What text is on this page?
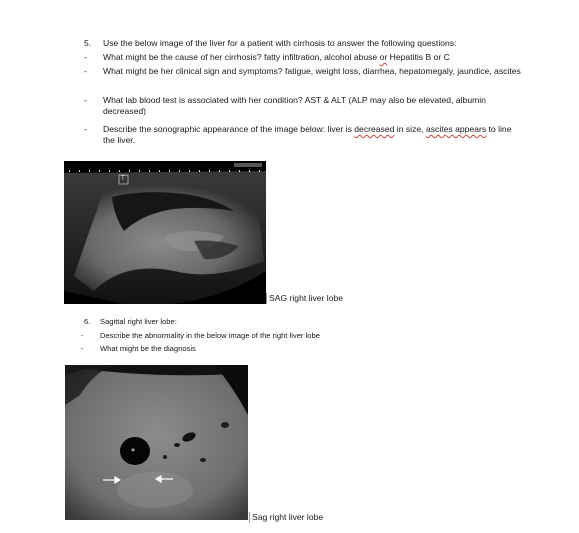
5. Use the below image of the liver for a patient with cirrhosis to answer the following questions:
- What might be the cause of her cirrhosis? fatty infiltration, alcohol abuse or Hepatitis B or C
- What might be her clinical sign and symptoms? fatigue, weight loss, diarrhea, hepatomegaly, jaundice, ascites
- What lab blood test is associated with her condition? AST & ALT (ALP may also be elevated, albumin decreased)
- Describe the sonographic appearance of the image below: liver is decreased in size, ascites appears to line the liver.
T
SAG right liver lobe
6. Sagittal right liver lobe:
- Describe the abnormality in the below image of the right liver lobe
- What might be the diagnosis
*
Sag right liver lobe
